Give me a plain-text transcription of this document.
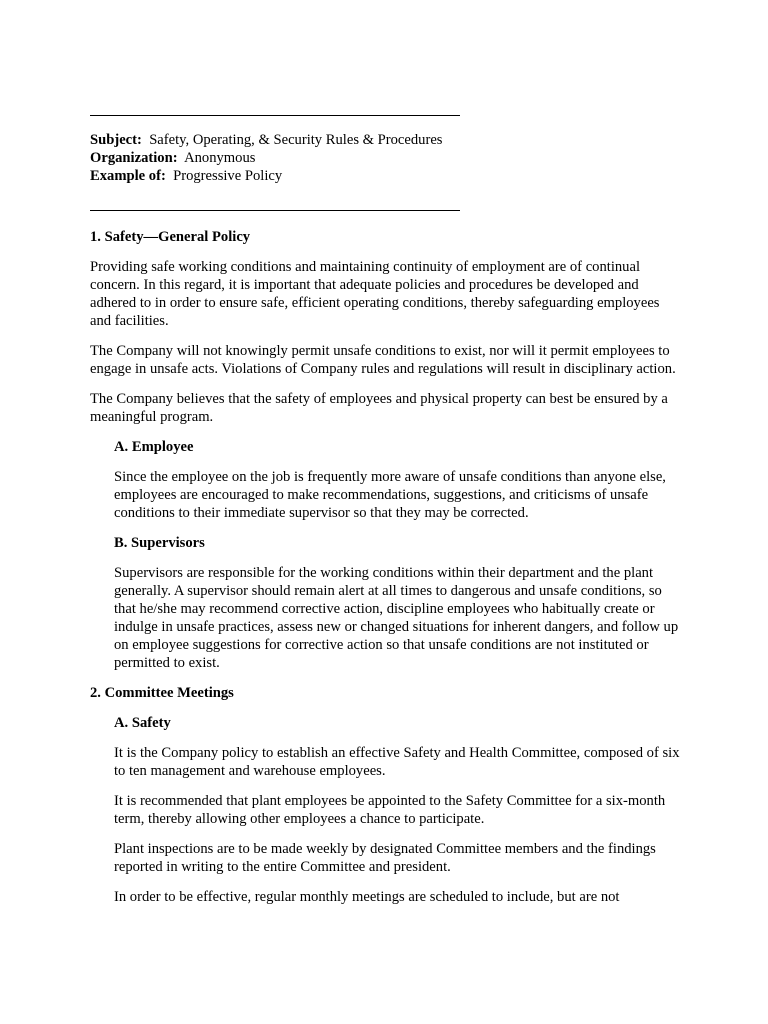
Subject: Safety, Operating, & Security Rules & Procedures
Organization: Anonymous
Example of: Progressive Policy
1. Safety—General Policy

Providing safe working conditions and maintaining continuity of employment are of continual concern. In this regard, it is important that adequate policies and procedures be developed and adhered to in order to ensure safe, efficient operating conditions, thereby safeguarding employees and facilities.

The Company will not knowingly permit unsafe conditions to exist, nor will it permit employees to engage in unsafe acts. Violations of Company rules and regulations will result in disciplinary action.

The Company believes that the safety of employees and physical property can best be ensured by a meaningful program.

A. Employee

Since the employee on the job is frequently more aware of unsafe conditions than anyone else, employees are encouraged to make recommendations, suggestions, and criticisms of unsafe conditions to their immediate supervisor so that they may be corrected.

B. Supervisors

Supervisors are responsible for the working conditions within their department and the plant generally. A supervisor should remain alert at all times to dangerous and unsafe conditions, so that he/she may recommend corrective action, discipline employees who habitually create or indulge in unsafe practices, assess new or changed situations for inherent dangers, and follow up on employee suggestions for corrective action so that unsafe conditions are not instituted or permitted to exist.

2. Committee Meetings
A. Safety

It is the Company policy to establish an effective Safety and Health Committee, composed of six to ten management and warehouse employees.

It is recommended that plant employees be appointed to the Safety Committee for a six-month term, thereby allowing other employees a chance to participate.

Plant inspections are to be made weekly by designated Committee members and the findings reported in writing to the entire Committee and president.

In order to be effective, regular monthly meetings are scheduled to include, but are not
